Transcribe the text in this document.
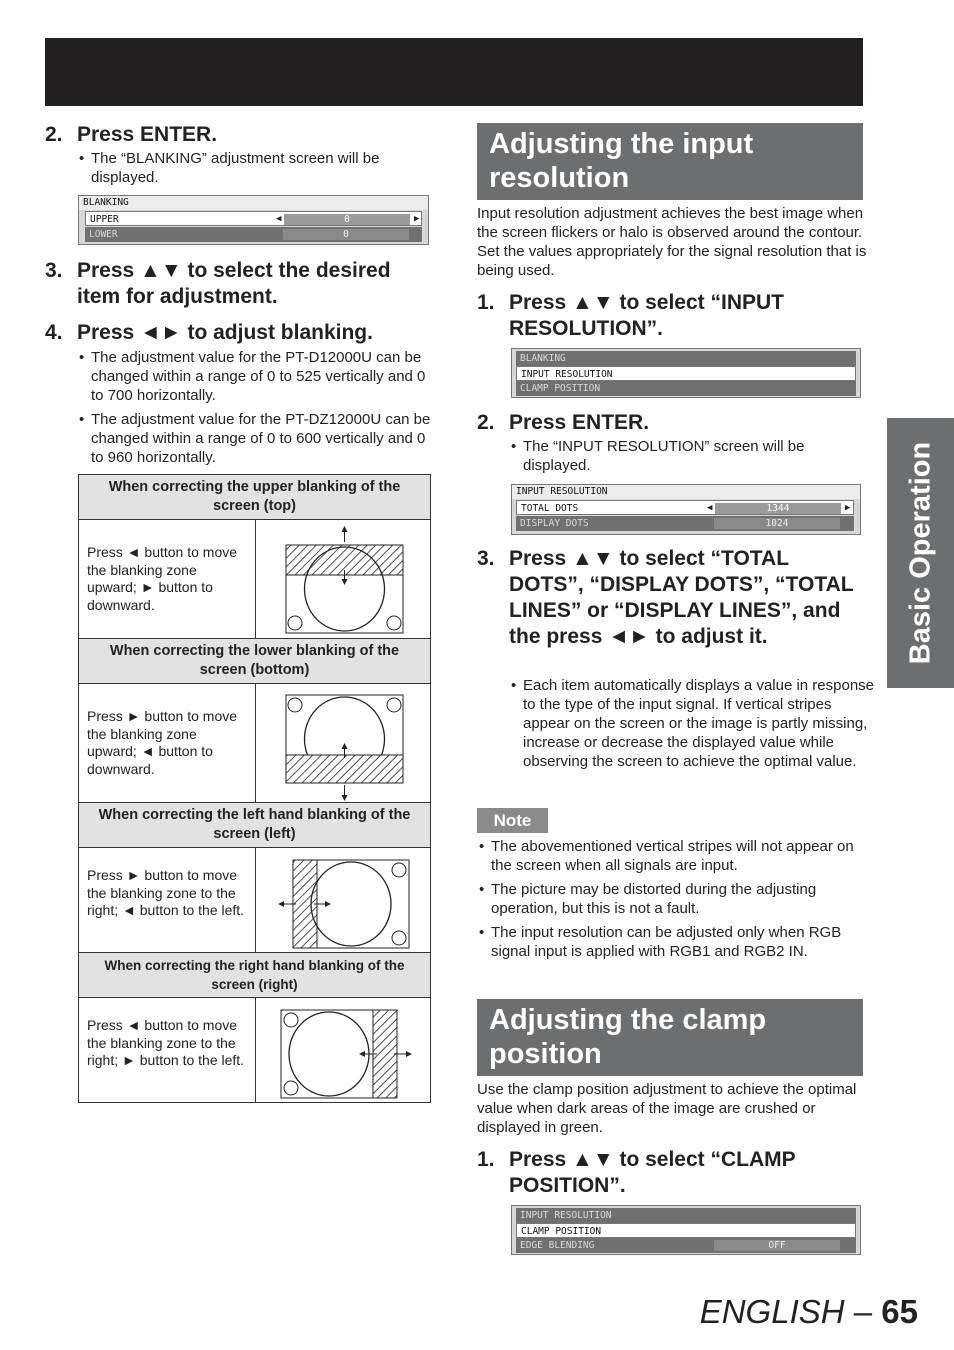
Basic Operation

2. Press ENTER.

• The “BLANKING” adjustment screen will be displayed.

BLANKING
UPPER	◀	0	▶
LOWER	0

3. Press ▲▼ to select the desired item for adjustment.

4. Press ◄► to adjust blanking.

• The adjustment value for the PT-D12000U can be changed within a range of 0 to 525 vertically and 0 to 700 horizontally.

• The adjustment value for the PT-DZ12000U can be changed within a range of 0 to 600 vertically and 0 to 960 horizontally.

When correcting the upper blanking of the screen (top)
Press ◄ button to move the blanking zone upward; ► button to downward.
When correcting the lower blanking of the screen (bottom)
Press ► button to move the blanking zone upward; ◄ button to downward.
When correcting the left hand blanking of the screen (left)
Press ► button to move the blanking zone to the right; ◄ button to the left.
When correcting the right hand blanking of the screen (right)
Press ◄ button to move the blanking zone to the right; ► button to the left.
Adjusting the input
resolution

Input resolution adjustment achieves the best image when the screen flickers or halo is observed around the contour. Set the values appropriately for the signal resolution that is being used.

1. Press ▲▼ to select “INPUT RESOLUTION”.

BLANKING
INPUT RESOLUTION
CLAMP POSITION

2. Press ENTER.

• The “INPUT RESOLUTION” screen will be displayed.

INPUT RESOLUTION
TOTAL DOTS	◀	1344	▶
DISPLAY DOTS	1024

3. Press ▲▼ to select “TOTAL DOTS”, “DISPLAY DOTS”, “TOTAL LINES” or “DISPLAY LINES”, and the press ◄► to adjust it.

• Each item automatically displays a value in response to the type of the input signal. If vertical stripes appear on the screen or the image is partly missing, increase or decrease the displayed value while observing the screen to achieve the optimal value.

Note

• The abovementioned vertical stripes will not appear on the screen when all signals are input.

• The picture may be distorted during the adjusting operation, but this is not a fault.

• The input resolution can be adjusted only when RGB signal input is applied with RGB1 and RGB2 IN.

Adjusting the clamp
position

Use the clamp position adjustment to achieve the optimal value when dark areas of the image are crushed or displayed in green.

1. Press ▲▼ to select “CLAMP POSITION”.

INPUT RESOLUTION
CLAMP POSITION
EDGE BLENDING	OFF
ENGLISH – 65
